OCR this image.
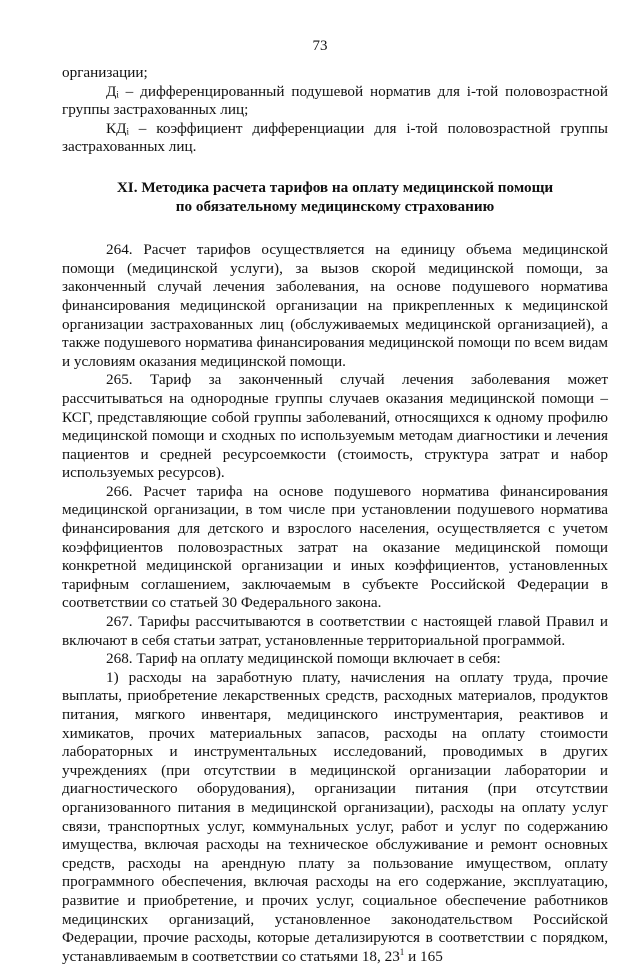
73

организации;

Дᵢ – дифференцированный подушевой норматив для i-той половозрастной группы застрахованных лиц;

КДᵢ – коэффициент дифференциации для i-той половозрастной группы застрахованных лиц.

XI. Методика расчета тарифов на оплату медицинской помощи
по обязательному медицинскому страхованию

264. Расчет тарифов осуществляется на единицу объема медицинской помощи (медицинской услуги), за вызов скорой медицинской помощи, за законченный случай лечения заболевания, на основе подушевого норматива финансирования медицинской организации на прикрепленных к медицинской организации застрахованных лиц (обслуживаемых медицинской организацией), а также подушевого норматива финансирования медицинской помощи по всем видам и условиям оказания медицинской помощи.

265. Тариф за законченный случай лечения заболевания может рассчитываться на однородные группы случаев оказания медицинской помощи – КСГ, представляющие собой группы заболеваний, относящихся к одному профилю медицинской помощи и сходных по используемым методам диагностики и лечения пациентов и средней ресурсоемкости (стоимость, структура затрат и набор используемых ресурсов).

266. Расчет тарифа на основе подушевого норматива финансирования медицинской организации, в том числе при установлении подушевого норматива финансирования для детского и взрослого населения, осуществляется с учетом коэффициентов половозрастных затрат на оказание медицинской помощи конкретной медицинской организации и иных коэффициентов, установленных тарифным соглашением, заключаемым в субъекте Российской Федерации в соответствии со статьей 30 Федерального закона.

267. Тарифы рассчитываются в соответствии с настоящей главой Правил и включают в себя статьи затрат, установленные территориальной программой.

268. Тариф на оплату медицинской помощи включает в себя:

1) расходы на заработную плату, начисления на оплату труда, прочие выплаты, приобретение лекарственных средств, расходных материалов, продуктов питания, мягкого инвентаря, медицинского инструментария, реактивов и химикатов, прочих материальных запасов, расходы на оплату стоимости лабораторных и инструментальных исследований, проводимых в других учреждениях (при отсутствии в медицинской организации лаборатории и диагностического оборудования), организации питания (при отсутствии организованного питания в медицинской организации), расходы на оплату услуг связи, транспортных услуг, коммунальных услуг, работ и услуг по содержанию имущества, включая расходы на техническое обслуживание и ремонт основных средств, расходы на арендную плату за пользование имуществом, оплату программного обеспечения, включая расходы на его содержание, эксплуатацию, развитие и приобретение, и прочих услуг, социальное обеспечение работников медицинских организаций, установленное законодательством Российской Федерации, прочие расходы, которые детализируются в соответствии с порядком, устанавливаемым в соответствии со статьями 18, $23^1$ и 165
